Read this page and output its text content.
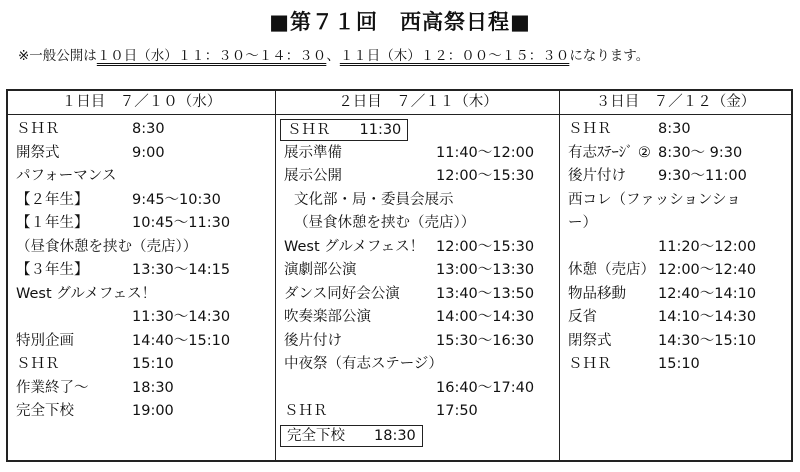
■第７１回　西高祭日程■
※一般公開は１０日（水）１１：３０～１４：３０、１１日（木）１２：００～１５：３０になります。
１日目　７／１０（水）
ＳＨＲ	8:30
開祭式	9:00
パフォーマンス
【２年生】	9:45～10:30
【１年生】	10:45～11:30
（昼食休憩を挟む（売店））
【３年生】	13:30～14:15
West グルメフェス！
11:30～14:30
特別企画	14:40～15:10
ＳＨＲ	15:10
作業終了～	18:30
完全下校	19:00
２日目　７／１１（木）
ＳＨＲ　　11:30
展示準備	11:40～12:00
展示公開	12:00～15:30
文化部・局・委員会展示
（昼食休憩を挟む（売店））
West グルメフェス！ 12:00～15:30
演劇部公演	13:00～13:30
ダンス同好会公演	13:40～13:50
吹奏楽部公演	14:00～14:30
後片付け	15:30～16:30
中夜祭（有志ステージ）
16:40～17:40
ＳＨＲ	17:50
完全下校　　18:30
３日目　７／１２（金）
ＳＨＲ	8:30
有志ｽﾃｰｼﾞ ② 8:30～ 9:30
後片付け 9:30～11:00
西コレ（ファッションショ
ー）
11:20～12:00
休憩（売店） 12:00～12:40
物品移動 12:40～14:10
反省	14:10～14:30
閉祭式	14:30～15:10
ＳＨＲ	15:10
